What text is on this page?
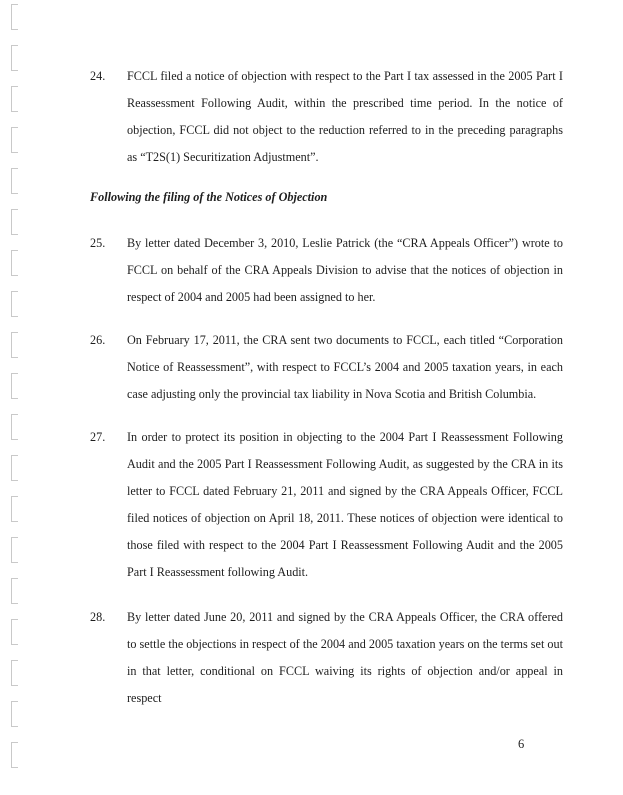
24. FCCL filed a notice of objection with respect to the Part I tax assessed in the 2005 Part I Reassessment Following Audit, within the prescribed time period. In the notice of objection, FCCL did not object to the reduction referred to in the preceding paragraphs as “T2S(1) Securitization Adjustment”.
Following the filing of the Notices of Objection
25. By letter dated December 3, 2010, Leslie Patrick (the “CRA Appeals Officer”) wrote to FCCL on behalf of the CRA Appeals Division to advise that the notices of objection in respect of 2004 and 2005 had been assigned to her.
26. On February 17, 2011, the CRA sent two documents to FCCL, each titled “Corporation Notice of Reassessment”, with respect to FCCL’s 2004 and 2005 taxation years, in each case adjusting only the provincial tax liability in Nova Scotia and British Columbia.
27. In order to protect its position in objecting to the 2004 Part I Reassessment Following Audit and the 2005 Part I Reassessment Following Audit, as suggested by the CRA in its letter to FCCL dated February 21, 2011 and signed by the CRA Appeals Officer, FCCL filed notices of objection on April 18, 2011. These notices of objection were identical to those filed with respect to the 2004 Part I Reassessment Following Audit and the 2005 Part I Reassessment following Audit.
28. By letter dated June 20, 2011 and signed by the CRA Appeals Officer, the CRA offered to settle the objections in respect of the 2004 and 2005 taxation years on the terms set out in that letter, conditional on FCCL waiving its rights of objection and/or appeal in respect
6
